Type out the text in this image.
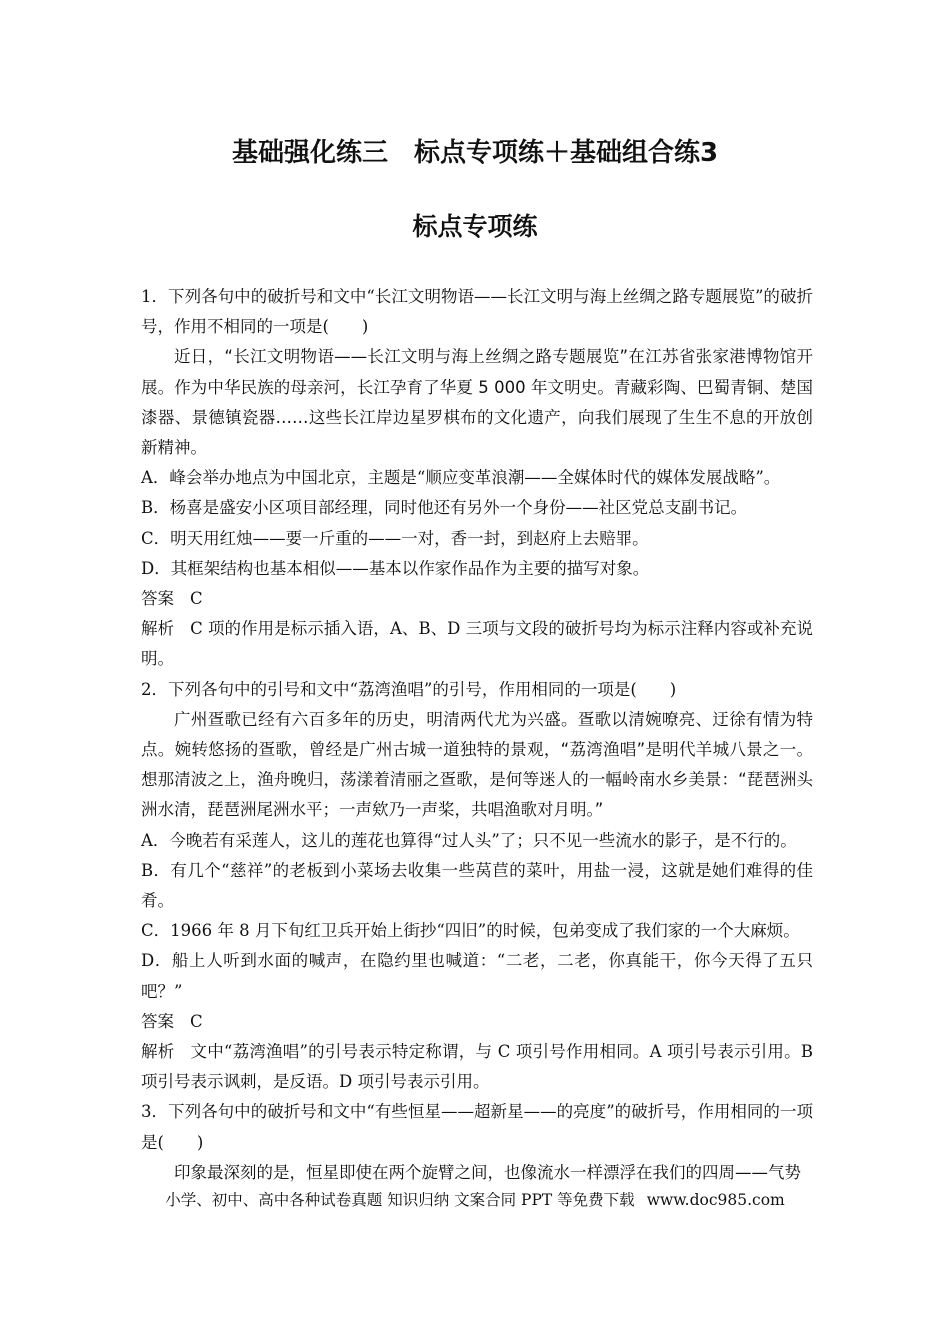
基础强化练三　标点专项练＋基础组合练3
标点专项练

1．下列各句中的破折号和文中“长江文明物语——长江文明与海上丝绸之路专题展览”的破折号，作用不相同的一项是(　　)

近日，“长江文明物语——长江文明与海上丝绸之路专题展览”在江苏省张家港博物馆开展。作为中华民族的母亲河，长江孕育了华夏 5 000 年文明史。青藏彩陶、巴蜀青铜、楚国漆器、景德镇瓷器……这些长江岸边星罗棋布的文化遗产，向我们展现了生生不息的开放创新精神。

A．峰会举办地点为中国北京，主题是“顺应变革浪潮——全媒体时代的媒体发展战略”。

B．杨喜是盛安小区项目部经理，同时他还有另外一个身份——社区党总支副书记。

C．明天用红烛——要一斤重的——一对，香一封，到赵府上去赔罪。

D．其框架结构也基本相似——基本以作家作品作为主要的描写对象。

答案 C

解析 C 项的作用是标示插入语，A、B、D 三项与文段的破折号均为标示注释内容或补充说明。

2．下列各句中的引号和文中“荔湾渔唱”的引号，作用相同的一项是(　　)

广州疍歌已经有六百多年的历史，明清两代尤为兴盛。疍歌以清婉嘹亮、迂徐有情为特点。婉转悠扬的疍歌，曾经是广州古城一道独特的景观，“荔湾渔唱”是明代羊城八景之一。想那清波之上，渔舟晚归，荡漾着清丽之疍歌，是何等迷人的一幅岭南水乡美景：“琵琶洲头洲水清，琵琶洲尾洲水平；一声欸乃一声桨，共唱渔歌对月明。”

A．今晚若有采莲人，这儿的莲花也算得“过人头”了；只不见一些流水的影子，是不行的。

B．有几个“慈祥”的老板到小菜场去收集一些莴苣的菜叶，用盐一浸，这就是她们难得的佳肴。

C．1966 年 8 月下旬红卫兵开始上街抄“四旧”的时候，包弟变成了我们家的一个大麻烦。

D．船上人听到水面的喊声，在隐约里也喊道：“二老，二老，你真能干，你今天得了五只吧？”

答案 C

解析 文中“荔湾渔唱”的引号表示特定称谓，与 C 项引号作用相同。A 项引号表示引用。B 项引号表示讽刺，是反语。D 项引号表示引用。

3．下列各句中的破折号和文中“有些恒星——超新星——的亮度”的破折号，作用相同的一项是(　　)

印象最深刻的是，恒星即使在两个旋臂之间，也像流水一样漂浮在我们的四周——气势

小学、初中、高中各种试卷真题 知识归纳 文案合同 PPT 等免费下载 www.doc985.com
